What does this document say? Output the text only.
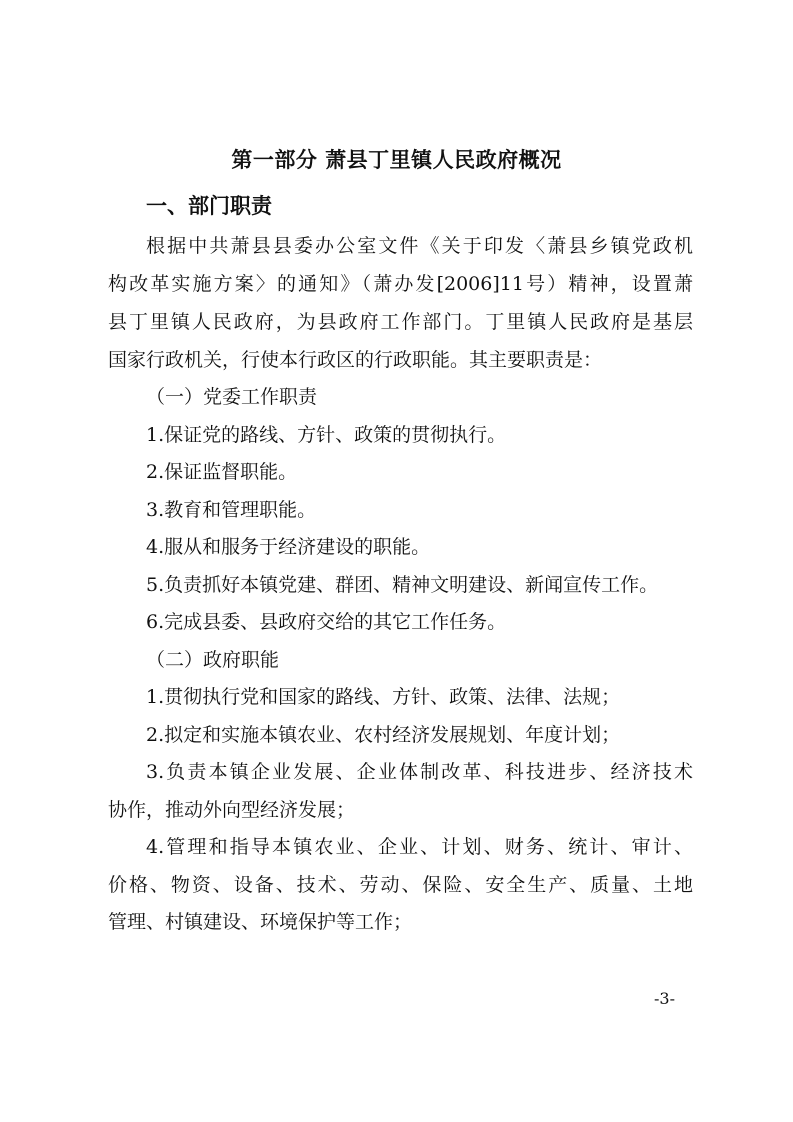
第一部分 萧县丁里镇人民政府概况
一、部门职责
根据中共萧县县委办公室文件《关于印发〈萧县乡镇党政机
构改革实施方案〉的通知》（萧办发[2006]11号）精神，设置萧
县丁里镇人民政府，为县政府工作部门。丁里镇人民政府是基层
国家行政机关，行使本行政区的行政职能。其主要职责是：
（一）党委工作职责
1.保证党的路线、方针、政策的贯彻执行。
2.保证监督职能。
3.教育和管理职能。
4.服从和服务于经济建设的职能。
5.负责抓好本镇党建、群团、精神文明建设、新闻宣传工作。
6.完成县委、县政府交给的其它工作任务。
（二）政府职能
1.贯彻执行党和国家的路线、方针、政策、法律、法规；
2.拟定和实施本镇农业、农村经济发展规划、年度计划；
3.负责本镇企业发展、企业体制改革、科技进步、经济技术
协作，推动外向型经济发展；
4.管理和指导本镇农业、企业、计划、财务、统计、审计、
价格、物资、设备、技术、劳动、保险、安全生产、质量、土地
管理、村镇建设、环境保护等工作；
-3-
